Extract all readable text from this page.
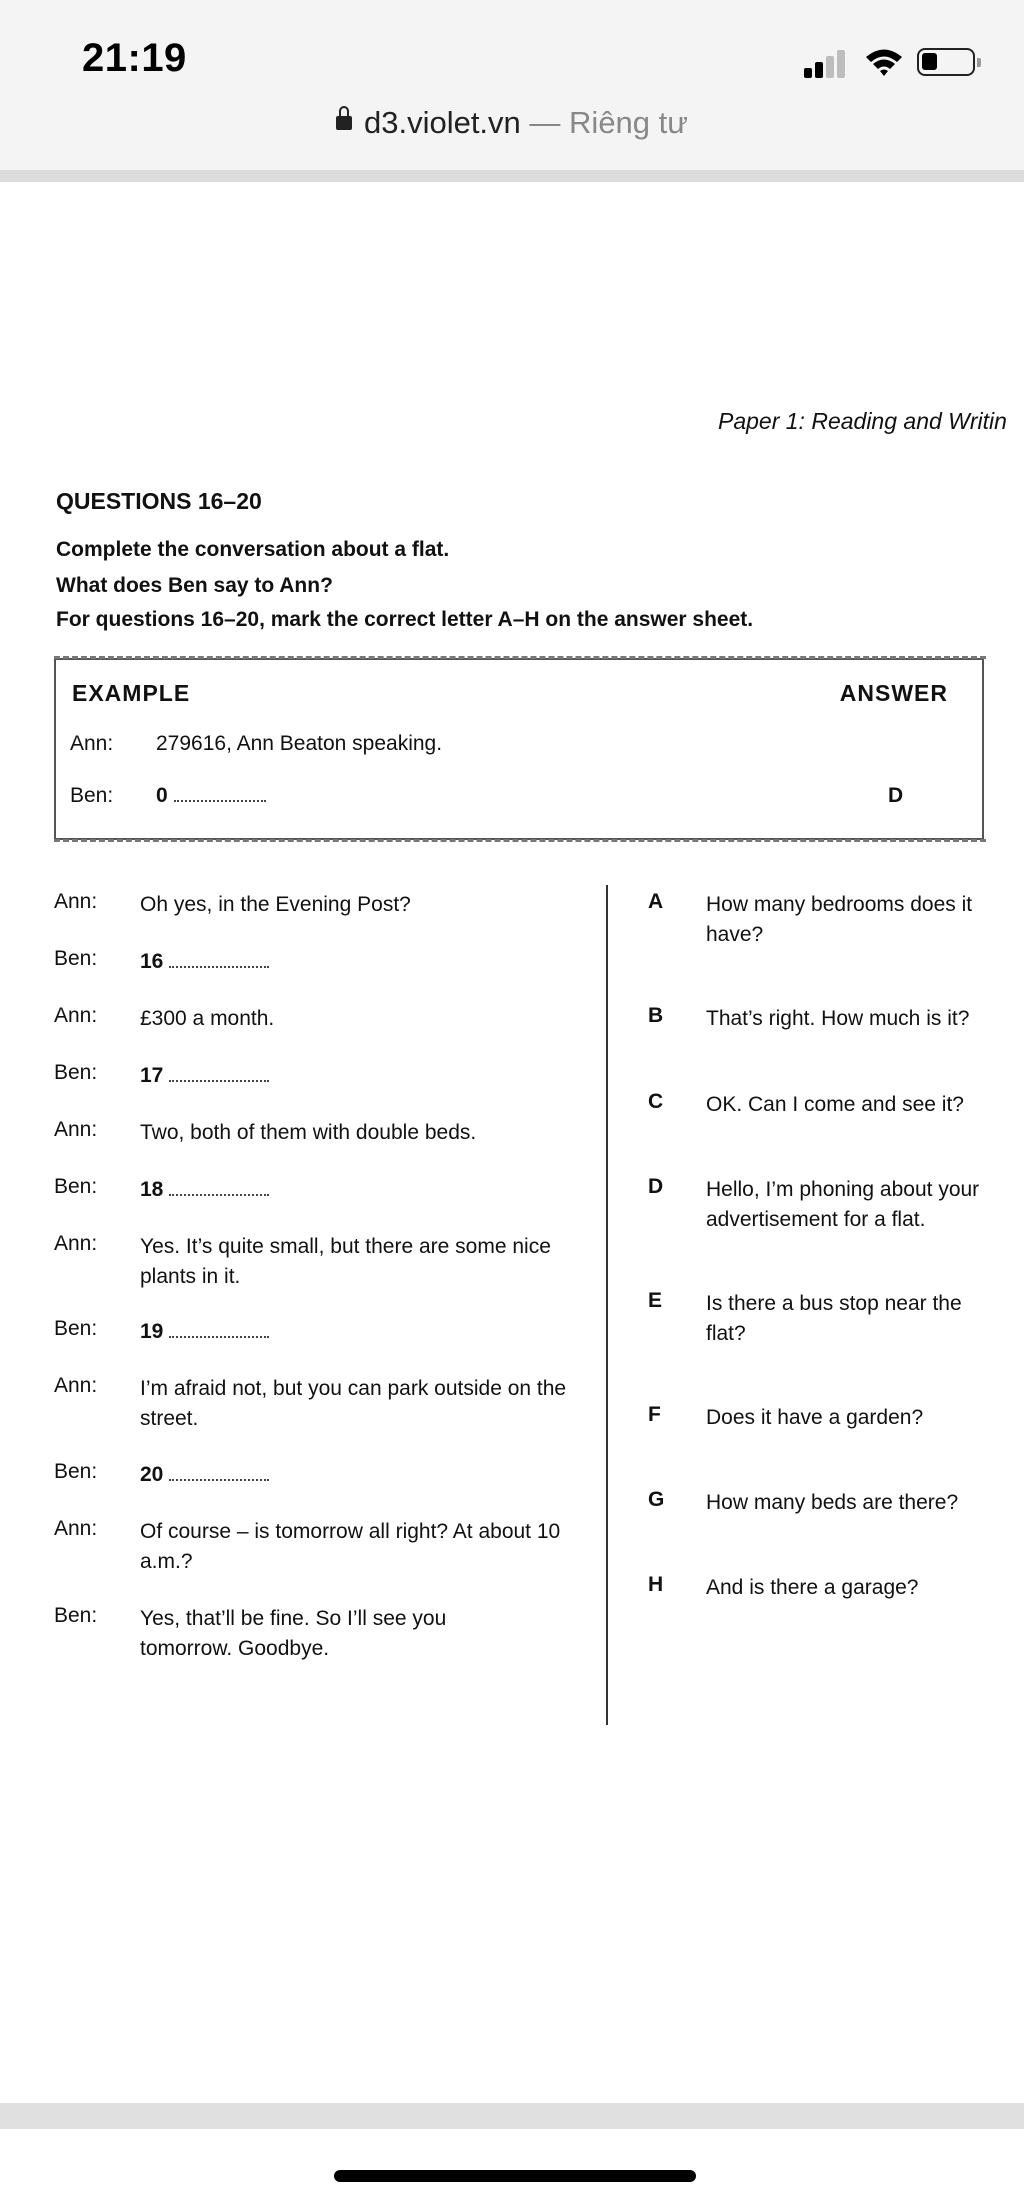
21:19
d3.violet.vn — Riêng tư
Paper 1: Reading and Writin
QUESTIONS 16–20
Complete the conversation about a flat.
What does Ben say to Ann?
For questions 16–20, mark the correct letter A–H on the answer sheet.
EXAMPLE	ANSWER
Ann: 279616, Ann Beaton speaking.
Ben: 0	D
Ann: Oh yes, in the Evening Post?
Ben: 16
Ann: £300 a month.
Ben: 17
Ann: Two, both of them with double beds.
Ben: 18
Ann: Yes. It’s quite small, but there are some nice plants in it.
Ben: 19
Ann: I’m afraid not, but you can park outside on the street.
Ben: 20
Ann: Of course – is tomorrow all right? At about 10 a.m.?
Ben: Yes, that’ll be fine. So I’ll see you tomorrow. Goodbye.
A	How many bedrooms does it have?
B	That’s right. How much is it?
C	OK. Can I come and see it?
D	Hello, I’m phoning about your advertisement for a flat.
E	Is there a bus stop near the flat?
F	Does it have a garden?
G	How many beds are there?
H	And is there a garage?
